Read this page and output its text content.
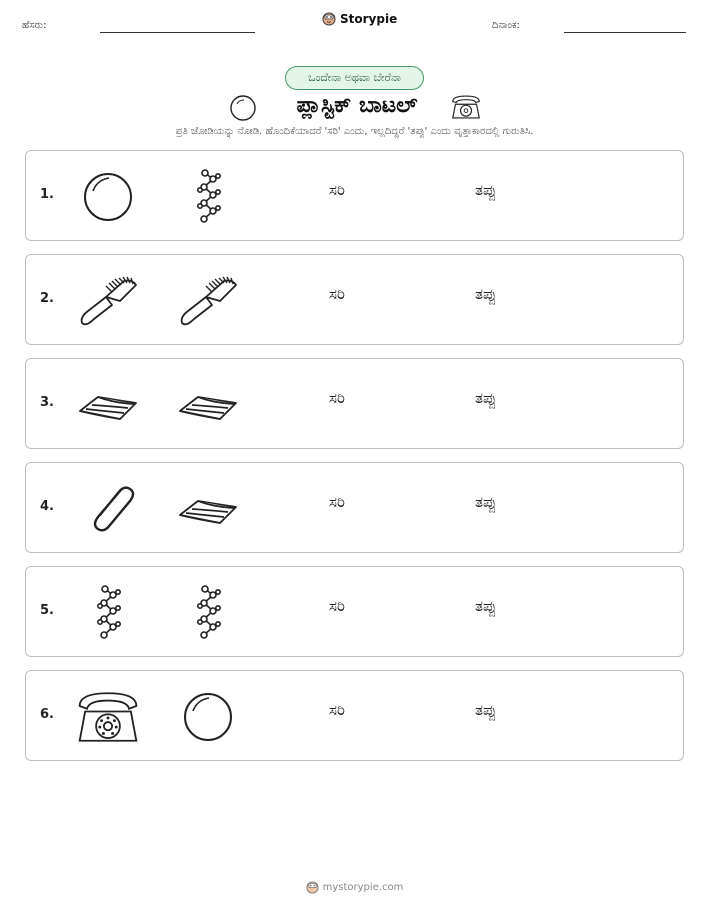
ಹೆಸರು:	Storypie	ದಿನಾಂಕ:
ಒಂದೇನಾ ಅಥವಾ ಬೇರೆನಾ
ಪ್ಲಾಸ್ಟಿಕ್ ಬಾಟಲ್
ಪ್ರತಿ ಜೋಡಿಯನ್ನು ನೋಡಿ. ಹೊಂದಿಕೆಯಾದರೆ 'ಸರಿ' ಎಂದು, ಇಲ್ಲದಿದ್ದರೆ 'ತಪ್ಪು' ಎಂದು ವೃತ್ತಾಕಾರದಲ್ಲಿ ಗುರುತಿಸಿ.
1.	ಸರಿ	ತಪ್ಪು
2.	ಸರಿ	ತಪ್ಪು
3.	ಸರಿ	ತಪ್ಪು
4.	ಸರಿ	ತಪ್ಪು
5.	ಸರಿ	ತಪ್ಪು
6.	ಸರಿ	ತಪ್ಪು
mystorypie.com
